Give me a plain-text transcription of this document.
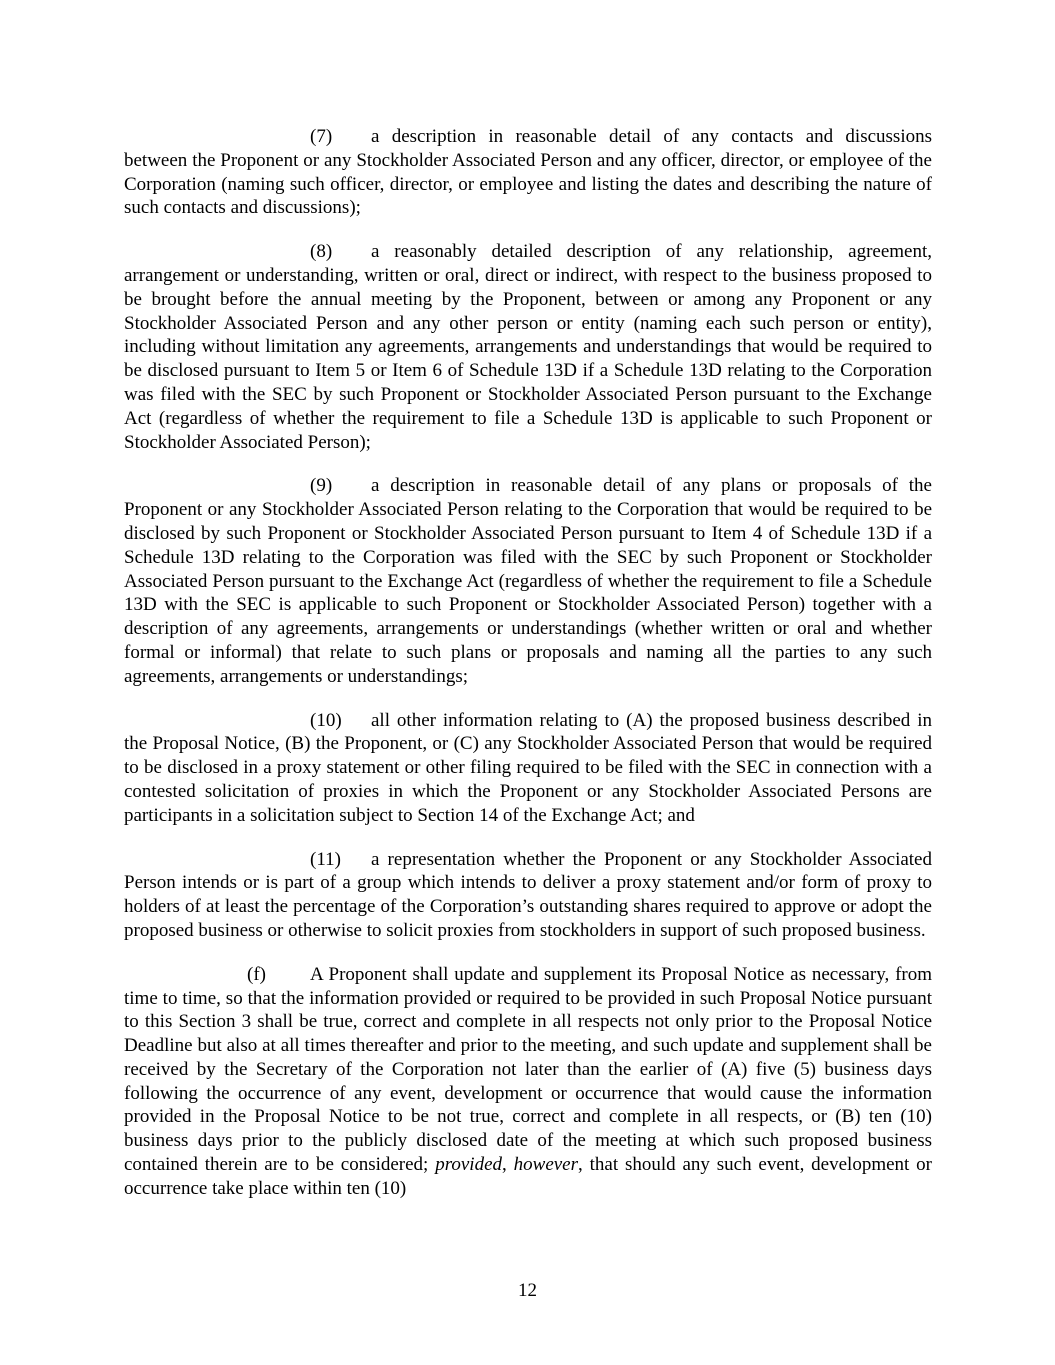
(7) a description in reasonable detail of any contacts and discussions between the Proponent or any Stockholder Associated Person and any officer, director, or employee of the Corporation (naming such officer, director, or employee and listing the dates and describing the nature of such contacts and discussions);

(8) a reasonably detailed description of any relationship, agreement, arrangement or understanding, written or oral, direct or indirect, with respect to the business proposed to be brought before the annual meeting by the Proponent, between or among any Proponent or any Stockholder Associated Person and any other person or entity (naming each such person or entity), including without limitation any agreements, arrangements and understandings that would be required to be disclosed pursuant to Item 5 or Item 6 of Schedule 13D if a Schedule 13D relating to the Corporation was filed with the SEC by such Proponent or Stockholder Associated Person pursuant to the Exchange Act (regardless of whether the requirement to file a Schedule 13D is applicable to such Proponent or Stockholder Associated Person);

(9) a description in reasonable detail of any plans or proposals of the Proponent or any Stockholder Associated Person relating to the Corporation that would be required to be disclosed by such Proponent or Stockholder Associated Person pursuant to Item 4 of Schedule 13D if a Schedule 13D relating to the Corporation was filed with the SEC by such Proponent or Stockholder Associated Person pursuant to the Exchange Act (regardless of whether the requirement to file a Schedule 13D with the SEC is applicable to such Proponent or Stockholder Associated Person) together with a description of any agreements, arrangements or understandings (whether written or oral and whether formal or informal) that relate to such plans or proposals and naming all the parties to any such agreements, arrangements or understandings;

(10) all other information relating to (A) the proposed business described in the Proposal Notice, (B) the Proponent, or (C) any Stockholder Associated Person that would be required to be disclosed in a proxy statement or other filing required to be filed with the SEC in connection with a contested solicitation of proxies in which the Proponent or any Stockholder Associated Persons are participants in a solicitation subject to Section 14 of the Exchange Act; and

(11) a representation whether the Proponent or any Stockholder Associated Person intends or is part of a group which intends to deliver a proxy statement and/or form of proxy to holders of at least the percentage of the Corporation’s outstanding shares required to approve or adopt the proposed business or otherwise to solicit proxies from stockholders in support of such proposed business.

(f) A Proponent shall update and supplement its Proposal Notice as necessary, from time to time, so that the information provided or required to be provided in such Proposal Notice pursuant to this Section 3 shall be true, correct and complete in all respects not only prior to the Proposal Notice Deadline but also at all times thereafter and prior to the meeting, and such update and supplement shall be received by the Secretary of the Corporation not later than the earlier of (A) five (5) business days following the occurrence of any event, development or occurrence that would cause the information provided in the Proposal Notice to be not true, correct and complete in all respects, or (B) ten (10) business days prior to the publicly disclosed date of the meeting at which such proposed business contained therein are to be considered; provided, however, that should any such event, development or occurrence take place within ten (10)

12
